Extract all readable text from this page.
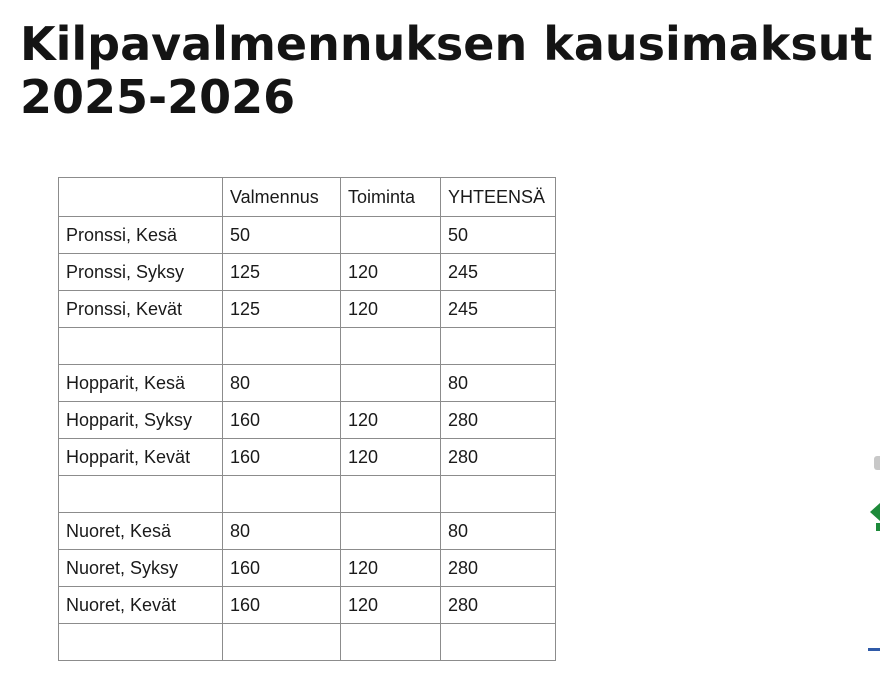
Kilpavalmennuksen kausimaksut
2025-2026
	Valmennus	Toiminta	YHTEENSÄ
Pronssi, Kesä	50		50
Pronssi, Syksy	125	120	245
Pronssi, Kevät	125	120	245

Hopparit, Kesä	80		80
Hopparit, Syksy	160	120	280
Hopparit, Kevät	160	120	280

Nuoret, Kesä	80		80
Nuoret, Syksy	160	120	280
Nuoret, Kevät	160	120	280
